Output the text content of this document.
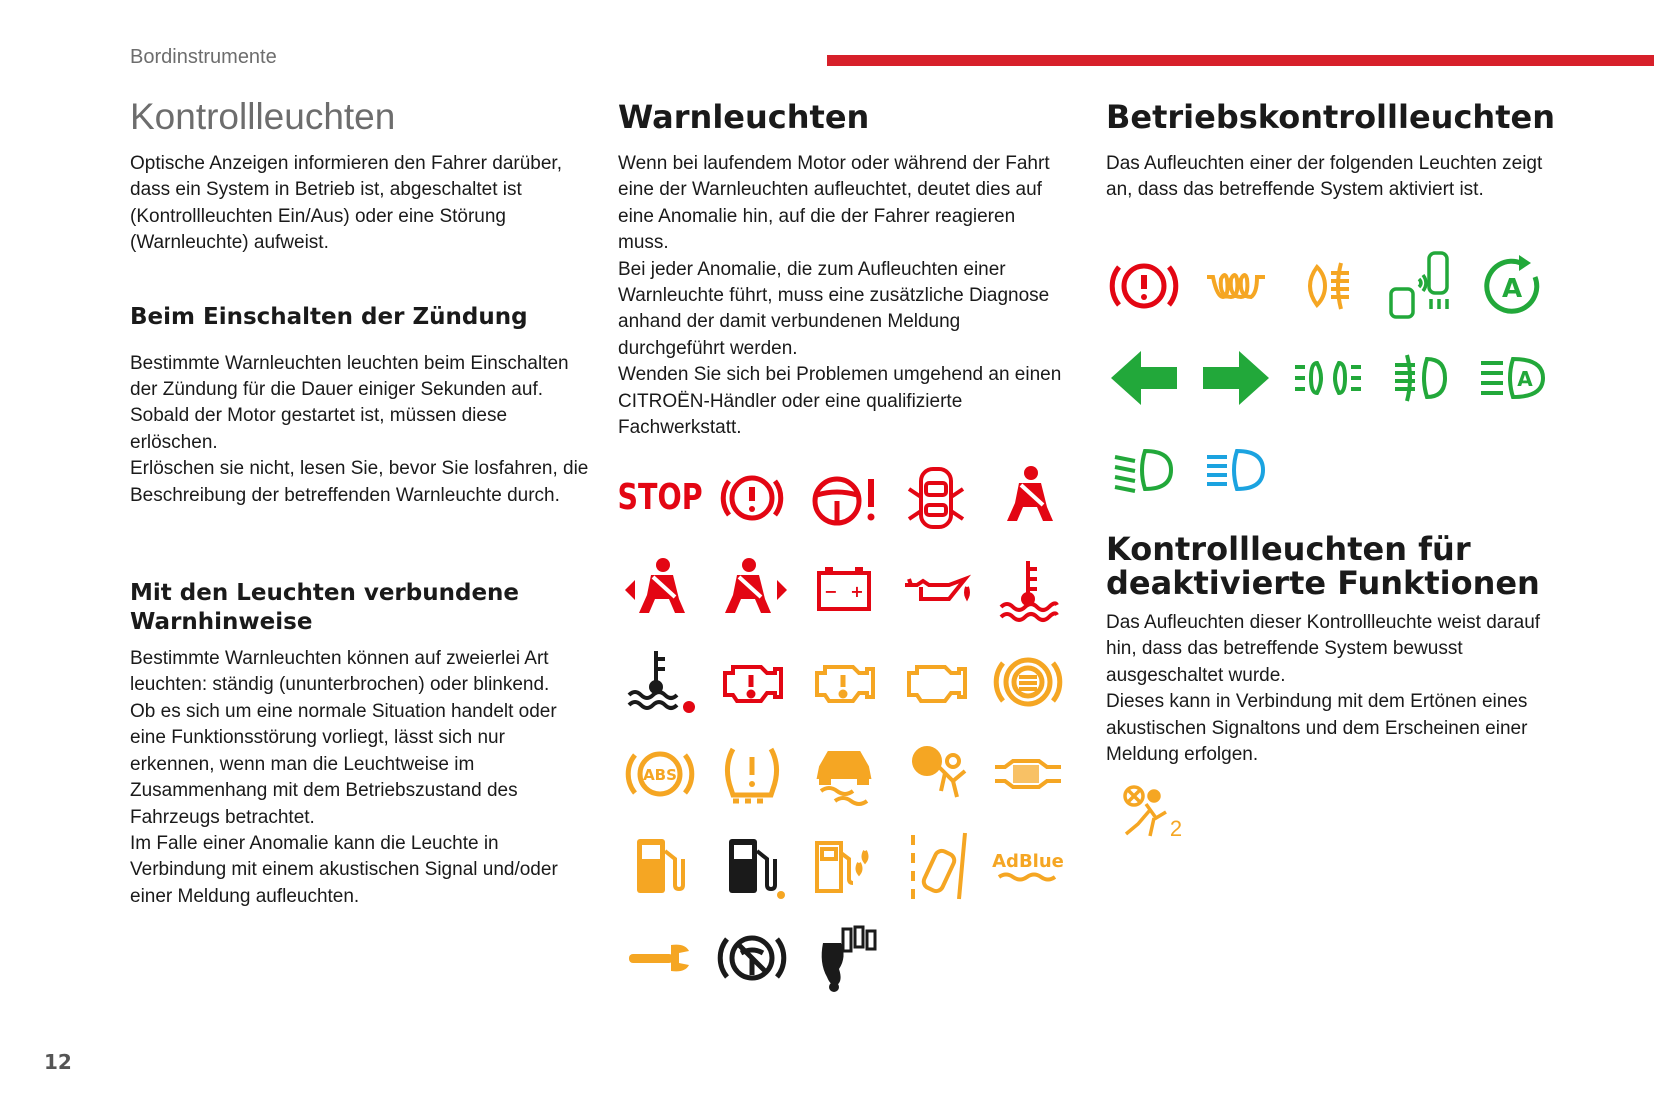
Bordinstrumente
Kontrollleuchten
Optische Anzeigen informieren den Fahrer darüber, dass ein System in Betrieb ist, abgeschaltet ist (Kontrollleuchten Ein/Aus) oder eine Störung (Warnleuchte) aufweist.
Beim Einschalten der Zündung

Bestimmte Warnleuchten leuchten beim Einschalten der Zündung für die Dauer einiger Sekunden auf. Sobald der Motor gestartet ist, müssen diese erlöschen.

Erlöschen sie nicht, lesen Sie, bevor Sie losfahren, die Beschreibung der betreffenden Warnleuchte durch.

Mit den Leuchten verbundene Warnhinweise

Bestimmte Warnleuchten können auf zweierlei Art leuchten: ständig (ununterbrochen) oder blinkend.

Ob es sich um eine normale Situation handelt oder eine Funktionsstörung vorliegt, lässt sich nur erkennen, wenn man die Leuchtweise im Zusammenhang mit dem Betriebszustand des Fahrzeugs betrachtet.

Im Falle einer Anomalie kann die Leuchte in Verbindung mit einem akustischen Signal und/oder einer Meldung aufleuchten.

Warnleuchten

Wenn bei laufendem Motor oder während der Fahrt eine der Warnleuchten aufleuchtet, deutet dies auf eine Anomalie hin, auf die der Fahrer reagieren muss.

Bei jeder Anomalie, die zum Aufleuchten einer Warnleuchte führt, muss eine zusätzliche Diagnose anhand der damit verbundenen Meldung durchgeführt werden.

Wenden Sie sich bei Problemen umgehend an einen CITROËN-Händler oder eine qualifizierte Fachwerkstatt.

STOP
− +
ABS
AdBlue
Betriebskontrollleuchten
Das Aufleuchten einer der folgenden Leuchten zeigt an, dass das betreffende System aktiviert ist.
A
A
Kontrollleuchten für deaktivierte Funktionen

Das Aufleuchten dieser Kontrollleuchte weist darauf hin, dass das betreffende System bewusst ausgeschaltet wurde.

Dieses kann in Verbindung mit dem Ertönen eines akustischen Signaltons und dem Erscheinen einer Meldung erfolgen.

2
12
